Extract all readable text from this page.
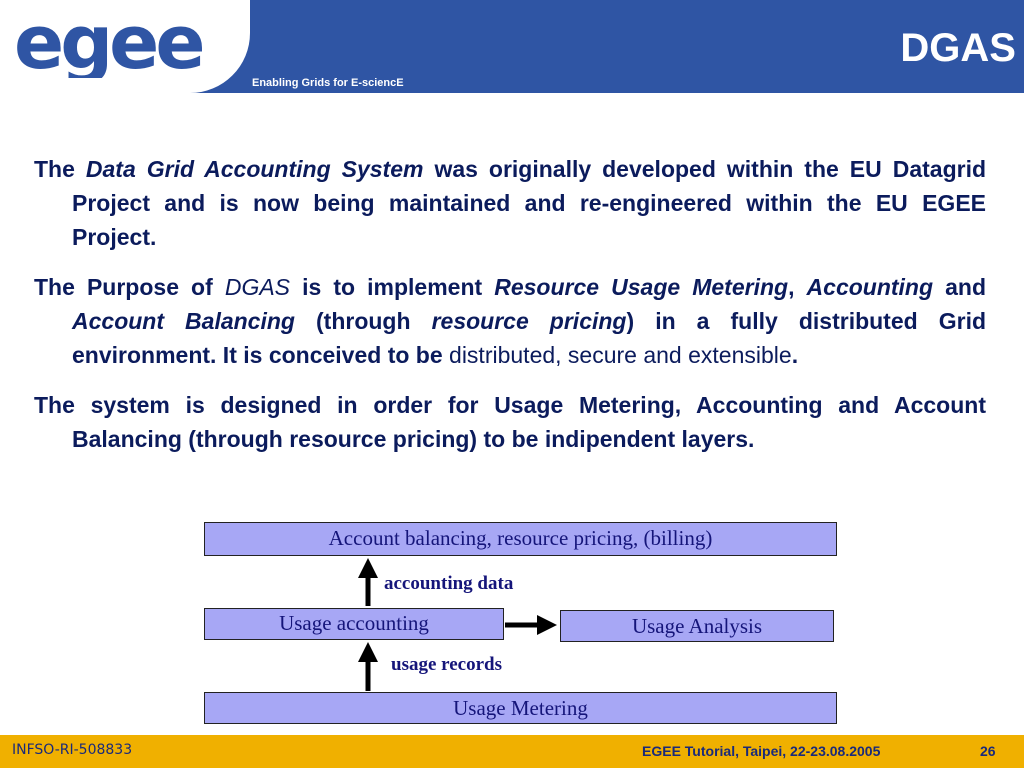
egee	Enabling Grids for E-sciencE
DGAS

The Data Grid Accounting System was originally developed within the EU Datagrid Project and is now being maintained and re-engineered within the EU EGEE Project.

The Purpose of DGAS is to implement Resource Usage Metering, Accounting and Account Balancing (through resource pricing) in a fully distributed Grid environment. It is conceived to be distributed, secure and extensible.

The system is designed in order for Usage Metering, Accounting and Account Balancing (through resource pricing) to be indipendent layers.

Account balancing, resource pricing, (billing)
accounting data
Usage accounting	Usage Analysis
usage records
Usage Metering
INFSO-RI-508833	EGEE Tutorial, Taipei, 22-23.08.2005	26
